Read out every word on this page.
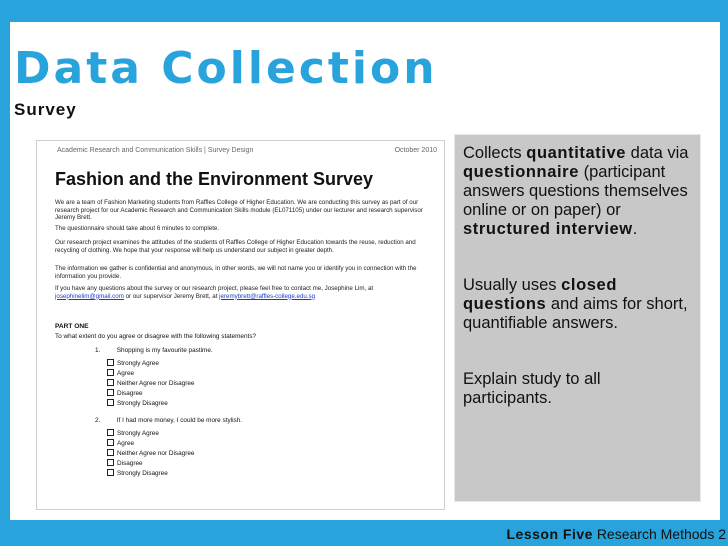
Data Collection
Survey
Academic Research and Communication Skills | Survey Design	October 2010
Fashion and the Environment Survey
We are a team of Fashion Marketing students from Raffles College of Higher Education. We are conducting this survey as part of our research project for our Academic Research and Communication Skills module (EL071105) under our lecturer and research supervisor Jeremy Brett.
The questionnaire should take about 6 minutes to complete.
Our research project examines the attitudes of the students of Raffles College of Higher Education towards the reuse, reduction and recycling of clothing. We hope that your response will help us understand our subject in greater depth.
The information we gather is confidential and anonymous, in other words, we will not name you or identify you in connection with the information you provide.
If you have any questions about the survey or our research project, please feel free to contact me, Josephine Lim, at josephinelim@gmail.com or our supervisor Jeremy Brett, at jeremybrett@raffles-college.edu.sg
PART ONE
To what extent do you agree or disagree with the following statements?
1.	Shopping is my favourite pastime.
Strongly Agree
Agree
Neither Agree nor Disagree
Disagree
Strongly Disagree
2.	If I had more money, I could be more stylish.
Strongly Agree
Agree
Neither Agree nor Disagree
Disagree
Strongly Disagree
Collects quantitative data via questionnaire (participant answers questions themselves online or on paper) or structured interview.
Usually uses closed questions and aims for short, quantifiable answers.
Explain study to all participants.
Lesson Five Research Methods 2
